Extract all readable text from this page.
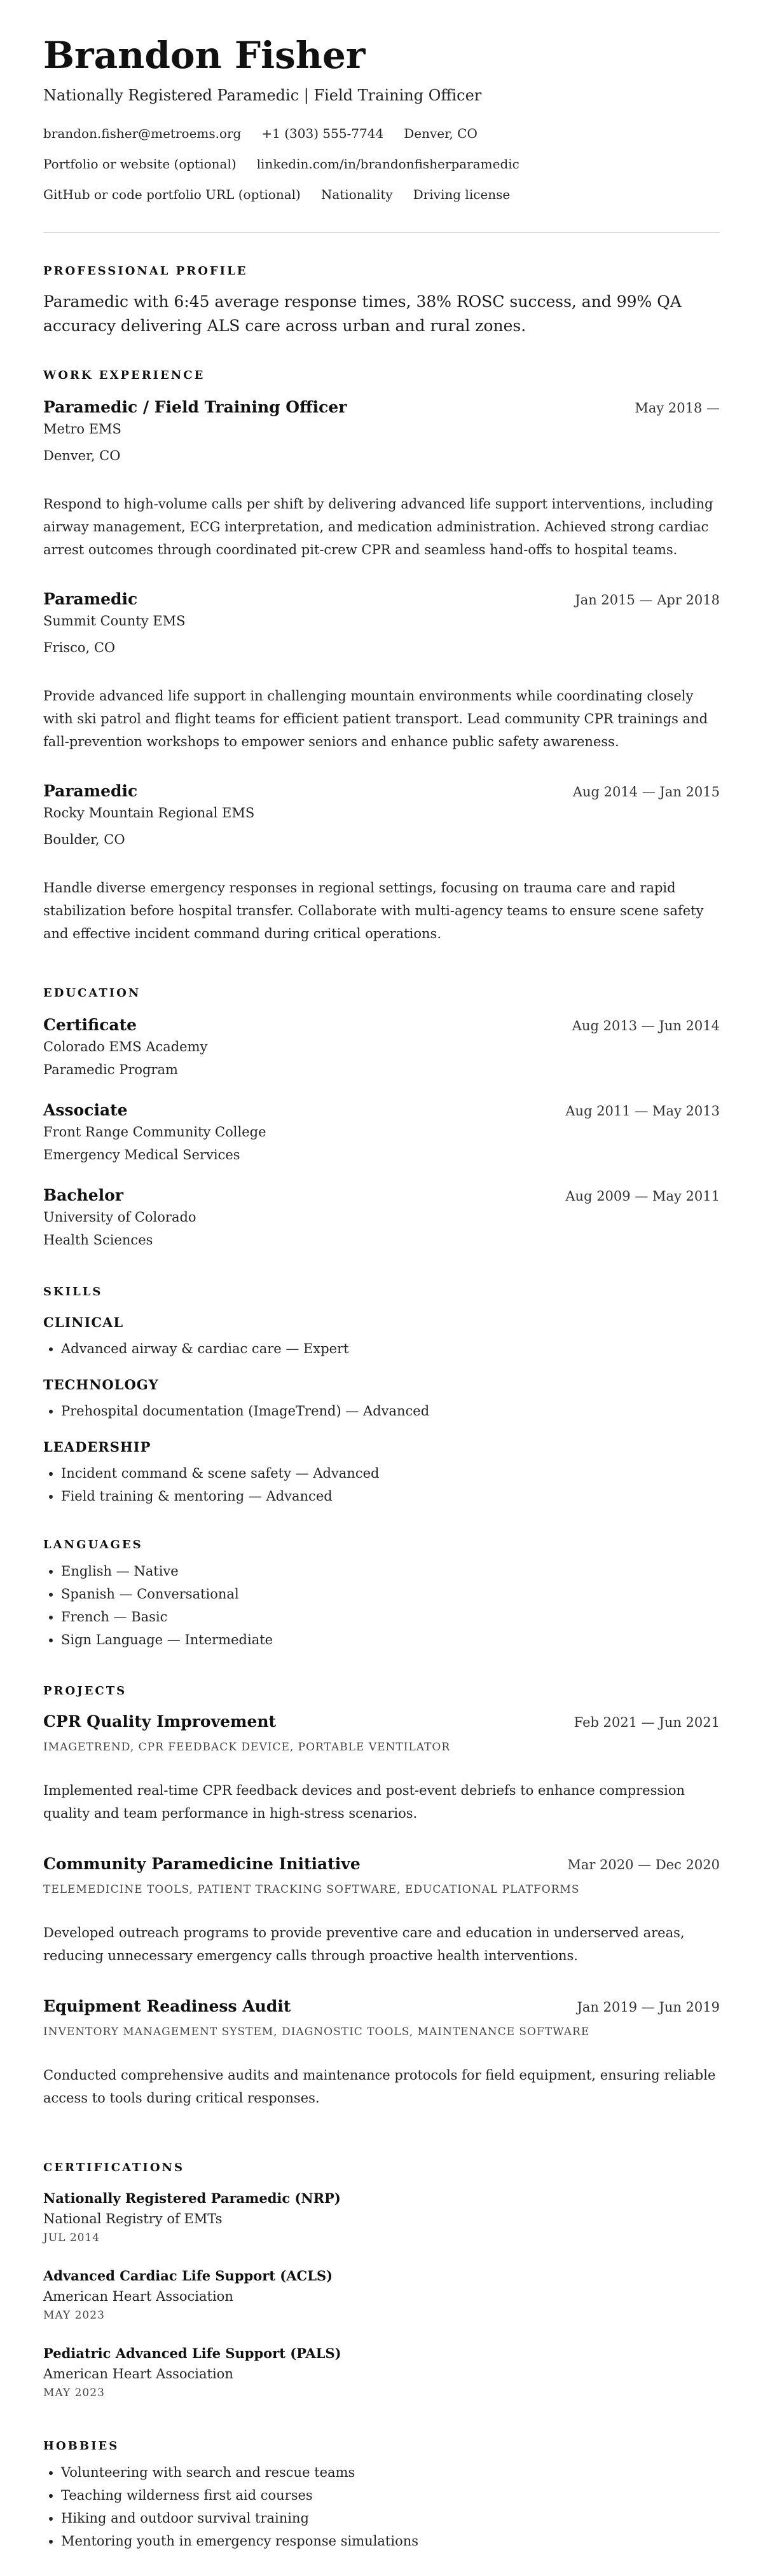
Brandon Fisher
Nationally Registered Paramedic | Field Training Officer
brandon.fisher@metroems.org +1 (303) 555-7744 Denver, CO
Portfolio or website (optional) linkedin.com/in/brandonfisherparamedic
GitHub or code portfolio URL (optional) Nationality Driving license
PROFESSIONAL PROFILE
Paramedic with 6:45 average response times, 38% ROSC success, and 99% QA accuracy delivering ALS care across urban and rural zones.
WORK EXPERIENCE
Paramedic / Field Training Officer	May 2018 —
Metro EMS
Denver, CO
Respond to high-volume calls per shift by delivering advanced life support interventions, including airway management, ECG interpretation, and medication administration. Achieved strong cardiac arrest outcomes through coordinated pit-crew CPR and seamless hand-offs to hospital teams.
Paramedic	Jan 2015 — Apr 2018
Summit County EMS
Frisco, CO
Provide advanced life support in challenging mountain environments while coordinating closely with ski patrol and flight teams for efficient patient transport. Lead community CPR trainings and fall-prevention workshops to empower seniors and enhance public safety awareness.
Paramedic	Aug 2014 — Jan 2015
Rocky Mountain Regional EMS
Boulder, CO
Handle diverse emergency responses in regional settings, focusing on trauma care and rapid stabilization before hospital transfer. Collaborate with multi-agency teams to ensure scene safety and effective incident command during critical operations.
EDUCATION
Certificate	Aug 2013 — Jun 2014
Colorado EMS Academy
Paramedic Program
Associate	Aug 2011 — May 2013
Front Range Community College
Emergency Medical Services
Bachelor	Aug 2009 — May 2011
University of Colorado
Health Sciences
SKILLS
CLINICAL
• Advanced airway & cardiac care — Expert
TECHNOLOGY
• Prehospital documentation (ImageTrend) — Advanced
LEADERSHIP
• Incident command & scene safety — Advanced
• Field training & mentoring — Advanced
LANGUAGES
• English — Native
• Spanish — Conversational
• French — Basic
• Sign Language — Intermediate
PROJECTS
CPR Quality Improvement	Feb 2021 — Jun 2021
IMAGETREND, CPR FEEDBACK DEVICE, PORTABLE VENTILATOR
Implemented real-time CPR feedback devices and post-event debriefs to enhance compression quality and team performance in high-stress scenarios.
Community Paramedicine Initiative	Mar 2020 — Dec 2020
TELEMEDICINE TOOLS, PATIENT TRACKING SOFTWARE, EDUCATIONAL PLATFORMS
Developed outreach programs to provide preventive care and education in underserved areas, reducing unnecessary emergency calls through proactive health interventions.
Equipment Readiness Audit	Jan 2019 — Jun 2019
INVENTORY MANAGEMENT SYSTEM, DIAGNOSTIC TOOLS, MAINTENANCE SOFTWARE
Conducted comprehensive audits and maintenance protocols for field equipment, ensuring reliable access to tools during critical responses.
CERTIFICATIONS
Nationally Registered Paramedic (NRP)
National Registry of EMTs
JUL 2014
Advanced Cardiac Life Support (ACLS)
American Heart Association
MAY 2023
Pediatric Advanced Life Support (PALS)
American Heart Association
MAY 2023
HOBBIES
• Volunteering with search and rescue teams
• Teaching wilderness first aid courses
• Hiking and outdoor survival training
• Mentoring youth in emergency response simulations
